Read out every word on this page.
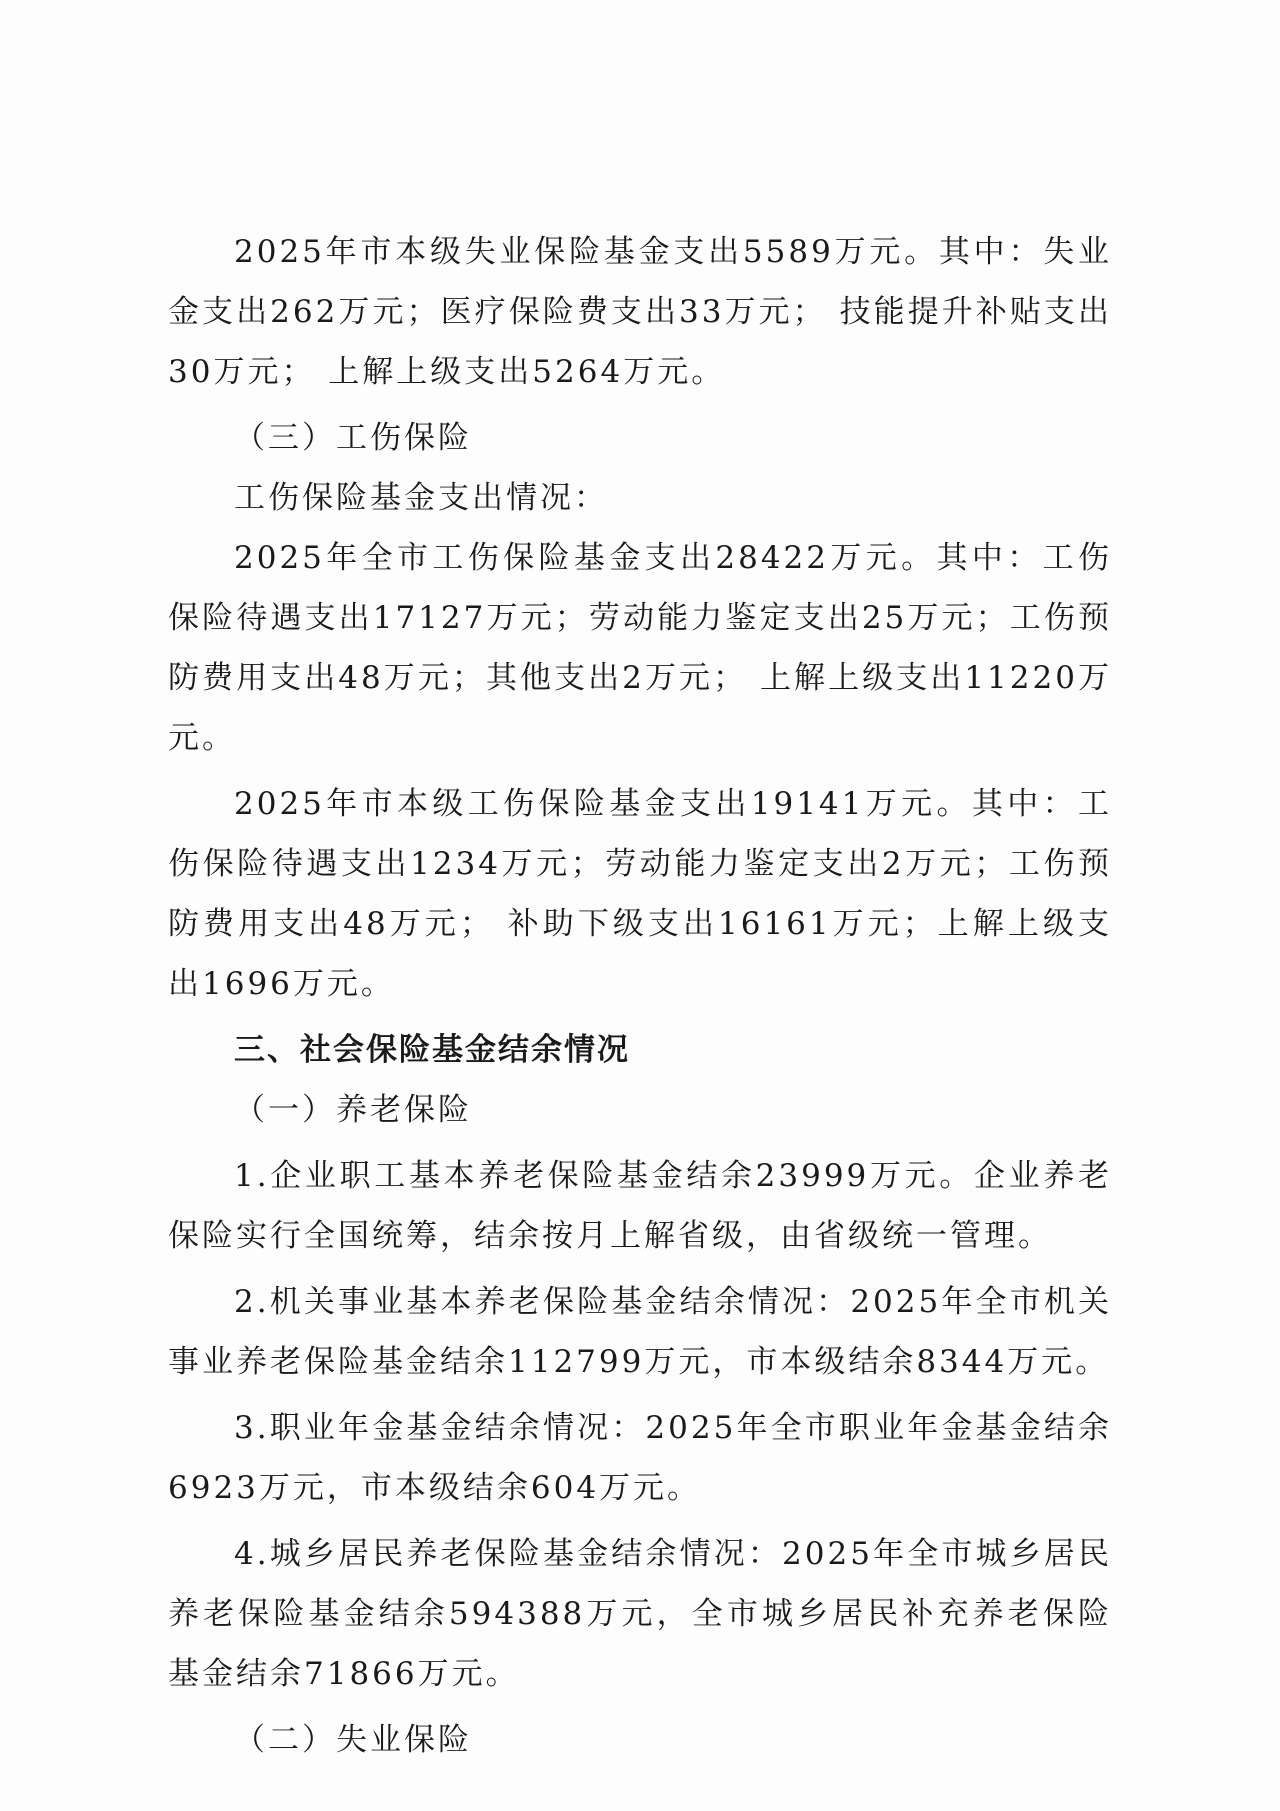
2025年市本级失业保险基金支出5589万元。其中：失业金支出262万元；医疗保险费支出33万元； 技能提升补贴支出30万元； 上解上级支出5264万元。

（三）工伤保险

工伤保险基金支出情况：

2025年全市工伤保险基金支出28422万元。其中：工伤保险待遇支出17127万元；劳动能力鉴定支出25万元；工伤预防费用支出48万元；其他支出2万元； 上解上级支出11220万元。

2025年市本级工伤保险基金支出19141万元。其中：工伤保险待遇支出1234万元；劳动能力鉴定支出2万元；工伤预防费用支出48万元； 补助下级支出16161万元；上解上级支出1696万元。

三、社会保险基金结余情况

（一）养老保险

1.企业职工基本养老保险基金结余23999万元。企业养老保险实行全国统筹，结余按月上解省级，由省级统一管理。

2.机关事业基本养老保险基金结余情况：2025年全市机关事业养老保险基金结余112799万元，市本级结余8344万元。

3.职业年金基金结余情况：2025年全市职业年金基金结余6923万元，市本级结余604万元。

4.城乡居民养老保险基金结余情况：2025年全市城乡居民养老保险基金结余594388万元，全市城乡居民补充养老保险基金结余71866万元。

（二）失业保险
